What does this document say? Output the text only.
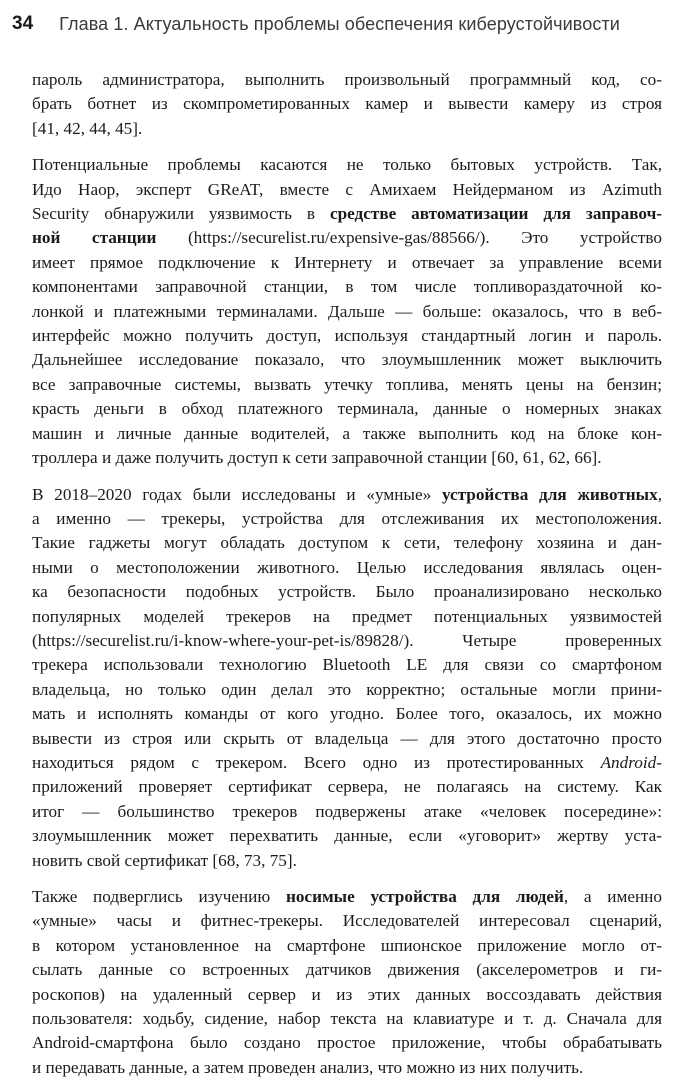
34 Глава 1. Актуальность проблемы обеспечения киберустойчивости

пароль администратора, выполнить произвольный программный код, со-
брать ботнет из скомпрометированных камер и вывести камеру из строя
[41, 42, 44, 45].

Потенциальные проблемы касаются не только бытовых устройств. Так,
Идо Наор, эксперт GReAT, вместе с Амихаем Нейдерманом из Azimuth
Security обнаружили уязвимость в средстве автоматизации для заправоч-
ной станции (https://securelist.ru/expensive-gas/88566/). Это устройство
имеет прямое подключение к Интернету и отвечает за управление всеми
компонентами заправочной станции, в том числе топливораздаточной ко-
лонкой и платежными терминалами. Дальше — больше: оказалось, что в веб-
интерфейс можно получить доступ, используя стандартный логин и пароль.
Дальнейшее исследование показало, что злоумышленник может выключить
все заправочные системы, вызвать утечку топлива, менять цены на бензин;
красть деньги в обход платежного терминала, данные о номерных знаках
машин и личные данные водителей, а также выполнить код на блоке кон-
троллера и даже получить доступ к сети заправочной станции [60, 61, 62, 66].

В 2018–2020 годах были исследованы и «умные» устройства для животных,
а именно — трекеры, устройства для отслеживания их местоположения.
Такие гаджеты могут обладать доступом к сети, телефону хозяина и дан-
ными о местоположении животного. Целью исследования являлась оцен-
ка безопасности подобных устройств. Было проанализировано несколько
популярных моделей трекеров на предмет потенциальных уязвимостей
(https://securelist.ru/i-know-where-your-pet-is/89828/). Четыре проверенных
трекера использовали технологию Bluetooth LE для связи со смартфоном
владельца, но только один делал это корректно; остальные могли прини-
мать и исполнять команды от кого угодно. Более того, оказалось, их можно
вывести из строя или скрыть от владельца — для этого достаточно просто
находиться рядом с трекером. Всего одно из протестированных Android-
приложений проверяет сертификат сервера, не полагаясь на систему. Как
итог — большинство трекеров подвержены атаке «человек посередине»:
злоумышленник может перехватить данные, если «уговорит» жертву уста-
новить свой сертификат [68, 73, 75].

Также подверглись изучению носимые устройства для людей, а именно
«умные» часы и фитнес-трекеры. Исследователей интересовал сценарий,
в котором установленное на смартфоне шпионское приложение могло от-
сылать данные со встроенных датчиков движения (акселерометров и ги-
роскопов) на удаленный сервер и из этих данных воссоздавать действия
пользователя: ходьбу, сидение, набор текста на клавиатуре и т. д. Сначала для
Android-смартфона было создано простое приложение, чтобы обрабатывать
и передавать данные, а затем проведен анализ, что можно из них получить.
